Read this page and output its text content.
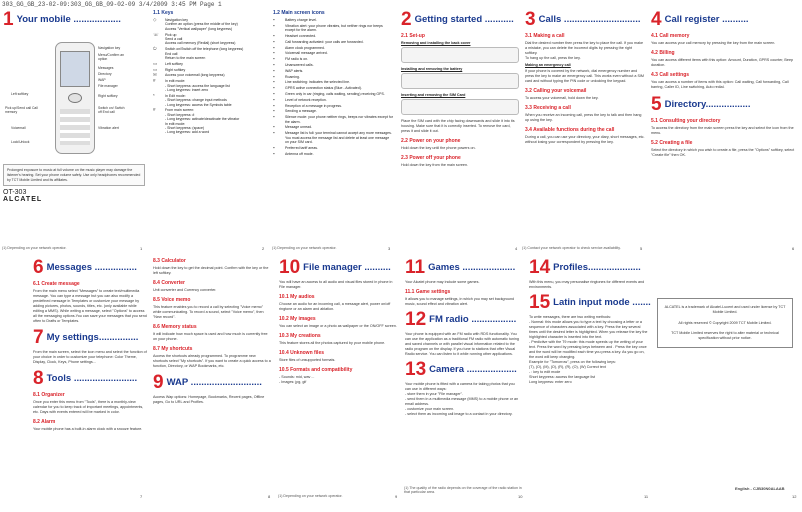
303_GG_GB_23-02-09:303_GG_GB_09-02-09 3/4/2009 3:45 PM Page 1
1 Your mobile ..................
Navigation key
Menu/Confirm an option
Messages
Directory
WAP
File manager
Left softkey	Right softkey
Pick up/Send call Call memory
Switch on/ Switch off End call
Voicemail	Vibration alert
Lock/Unlock
Prolonged exposure to music at full volume on the music player may damage the listener's hearing. Set your phone volume safely. Use only headphones recommended by TCT Mobile Limited and its affiliates.
OT-303
ALCATEL
(1) Depending on your network operator.	1
1.1 Keys
◇	Navigation key
Confirm an option (press the middle of the key)
Access "Vertical wallpaper" (long keypress)
☏	Pick up
Send a call
Access call memory (Redial) (short keypress)
⏻	Switch on/Switch off the telephone (long keypress)
End call
Return to the main screen
▭	Left softkey
▭	Right softkey
✉	Access your voicemail (long keypress)
#	In edit mode:
- Short keypress: access the language list
- Long keypress: insert zero
*	In Edit mode:
- Short keypress: change input methods
- Long keypress: access the Symbols table
#	From main screen:
- Short keypress: #
- Long keypress: activate/deactivate the vibrator
In edit mode:
- Short keypress: (space)
- Long keypress: add a word
2
1.2 Main screen icons
▪	Battery charge level.
▪	Vibration alert: your phone vibrates, but neither rings nor beeps except for the alarm.
▪	Headset connected.
▪	Call forwarding activated: your calls are forwarded.
▪	Alarm clock programmed.
▪	Voicemail message arrived.
▪	FM radio is on.
▪	Unanswered calls.
▪	WAP alerts.
▪	Roaming.
▪	Line switching: indicates the selected line.
▪	GPRS active connection status (Blue - Activated).
▪	Green only in car (ringing, calls waiting, sending) receiving GPS.
▪	Level of network reception.
▪	Reception of a message in progress.
▪	Sending a message.
▪	Silence mode: your phone neither rings, beeps nor vibrates except for the alarm.
▪	Message unread.
▪	Message list is full: your terminal cannot accept any more messages. You must access the message list and delete at least one message on your SIM card.
▪	Preferred tariff areas.
▪	Antenna off mode.
(1) Depending on your network operator.	3
2 Getting started ...........
2.1 Set-up
Removing and installing the back cover
Installing and removing the battery
Inserting and removing the SIM Card
Place the SIM card with the chip facing downwards and slide it into its housing. Make sure that it is correctly inserted. To remove the card, press it and slide it out.
2.2 Power on your phone
Hold down the key until the phone powers on.
2.3 Power off your phone
Hold down the key from the main screen.
4
3 Calls .............................
3.1 Making a call
Dial the desired number then press the key to place the call. If you make a mistake, you can delete the incorrect digits by pressing the right softkey.
To hang up the call, press the key.
Making an emergency call
If your phone is covered by the network, dial emergency number and press the key to make an emergency call. This works even without a SIM card and without typing the PIN code or unlocking the keypad.
3.2 Calling your voicemail
To access your voicemail, hold down the key.
3.3 Receiving a call
When you receive an incoming call, press the key to talk and then hang up using the key.
3.4 Available functions during the call
During a call, you can use your directory, your diary, short messages, etc. without losing your correspondent by pressing the key.
5
4 Call register ..........
4.1 Call memory
You can access your call memory by pressing the key from the main screen.
4.2 Billing
You can access different items with this option: Amount, Duration, GPRS counter, Beep duration.
4.3 Call settings
You can access a number of items with this option: Call waiting, Call forwarding, Call barring, Caller ID, Line switching, Auto redial.
5 Directory.................
5.1 Consulting your directory
To access the directory from the main screen press the key and select the icon from the menu.
5.2 Creating a file
Select the directory in which you wish to create a file, press the "Options" softkey, select "Create file" then OK.
(1) Contact your network operator to check service availability.	6
6 Messages ................
6.1 Create message
From the main menu select "Messages" to create text/multimedia message. You can type a message but you can also modify a predefined message in Templates or customize your message by adding pictures, photos, sounds, titles, etc. (only available while editing a MMS). While writing a message, select "Options" to access all the messaging options.You can save your messages that you send often to Drafts or Templates.
7 My settings...............
From the main screen, select the icon menu and select the function of your choice in order to customize your telephone: Color Theme, Display, Clock, Keys, Phone settings...
8 Tools ........................
8.1 Organizer
Once you enter this menu from "Tools", there is a monthly-view calendar for you to keep track of important meetings, appointments, etc. Days with events entered will be marked in color.
8.2 Alarm
Your mobile phone has a built-in alarm clock with a snooze feature.
7
8.3 Calculator
Hold down the key to get the decimal point. Confirm with the key or the left softkey.
8.4 Converter
Unit converter and Currency converter.
8.5 Voice memo
This feature enables you to record a call by selecting "Voice memo" while communicating. To record a sound, select "Voice memo", then "New record".
8.6 Memory status
It will indicate how much space is used and how much is currently free on your phone.
8.7 My shortcuts
Access the shortcuts already programmed. To programme new shortcuts select "My shortcuts". If you want to create a quick access to a function, Directory, or WAP Bookmarks, etc.
9 WAP ...........................
Access Wap options: Homepage, Bookmarks, Recent pages, Offline pages, Go to URL and Profiles.
8
10 File manager ..........
You will have an access to all audio and visual files stored in phone in File manager.
10.1 My audios
Choose an audio for an incoming call, a message alert, power on/off ringtone or an alarm and ablation.
10.2 My images
You can select an image or a photo as wallpaper or the ON/OFF screen.
10.3 My creations
This feature stores all the photos captured by your mobile phone.
10.4 Unknown files
Store files of unsupported formats.
10.5 Formats and compatibility
- Sounds: mid, wav ...
- Images: jpg, gif
(1) Depending on your network operator.	9
11 Games ....................
Your Alcatel phone may include some games.
11.1 Game settings
It allows you to manage settings, in which you may set background music, sound effect and vibration alert.
12 FM radio .................
Your phone is equipped with an FM radio with RDS functionality. You can use the application as a traditional FM radio with automatic tuning and saved channels or with parallel visual information related to the radio program on the display. If you tune to stations that offer Visual Radio service. You can listen to it while running other applications.
13 Camera ...................
Your mobile phone is fitted with a camera for taking photos that you can use in different ways:
- store them in your "File manager".
- send them in a multimedia message (MMS) to a mobile phone or an email address.
- customize your main screen.
- select them as incoming call image to a contact in your directory.
(1) The quality of the radio depends on the coverage of the radio station in that particular area.
10
14 Profiles....................
With this menu, you may personalise ringtones for different events and environments.
15 Latin input mode .......
To write messages, there are two writing methods:
- Normal: this mode allows you to type a text by choosing a letter or a sequence of characters associated with a key. Press the key several times until the desired letter is highlighted. When you release the key the highlighted character is inserted into the text.
- Predictive with the T9 mode: this mode speeds up the writing of your text. Press the word by pressing keys between and . Press the key once and the word will be modified each time you press a key. As you go on, the word will keep changing.
Example for "Tomorrow", press on the following keys:
(T), (O), (M), (O), (R), (R), (O), (W) Correct text
- : key to edit mode
Short keypress: access the language list
Long keypress: enter zero
11
ALCATEL is a trademark of Alcatel-Lucent and used under license by TCT Mobile Limited.

All rights reserved © Copyright 2009 TCT Mobile Limited.

TCT Mobile Limited reserves the right to alter material or technical specification without prior notice.
English - CJB30N0ALAAB
12
